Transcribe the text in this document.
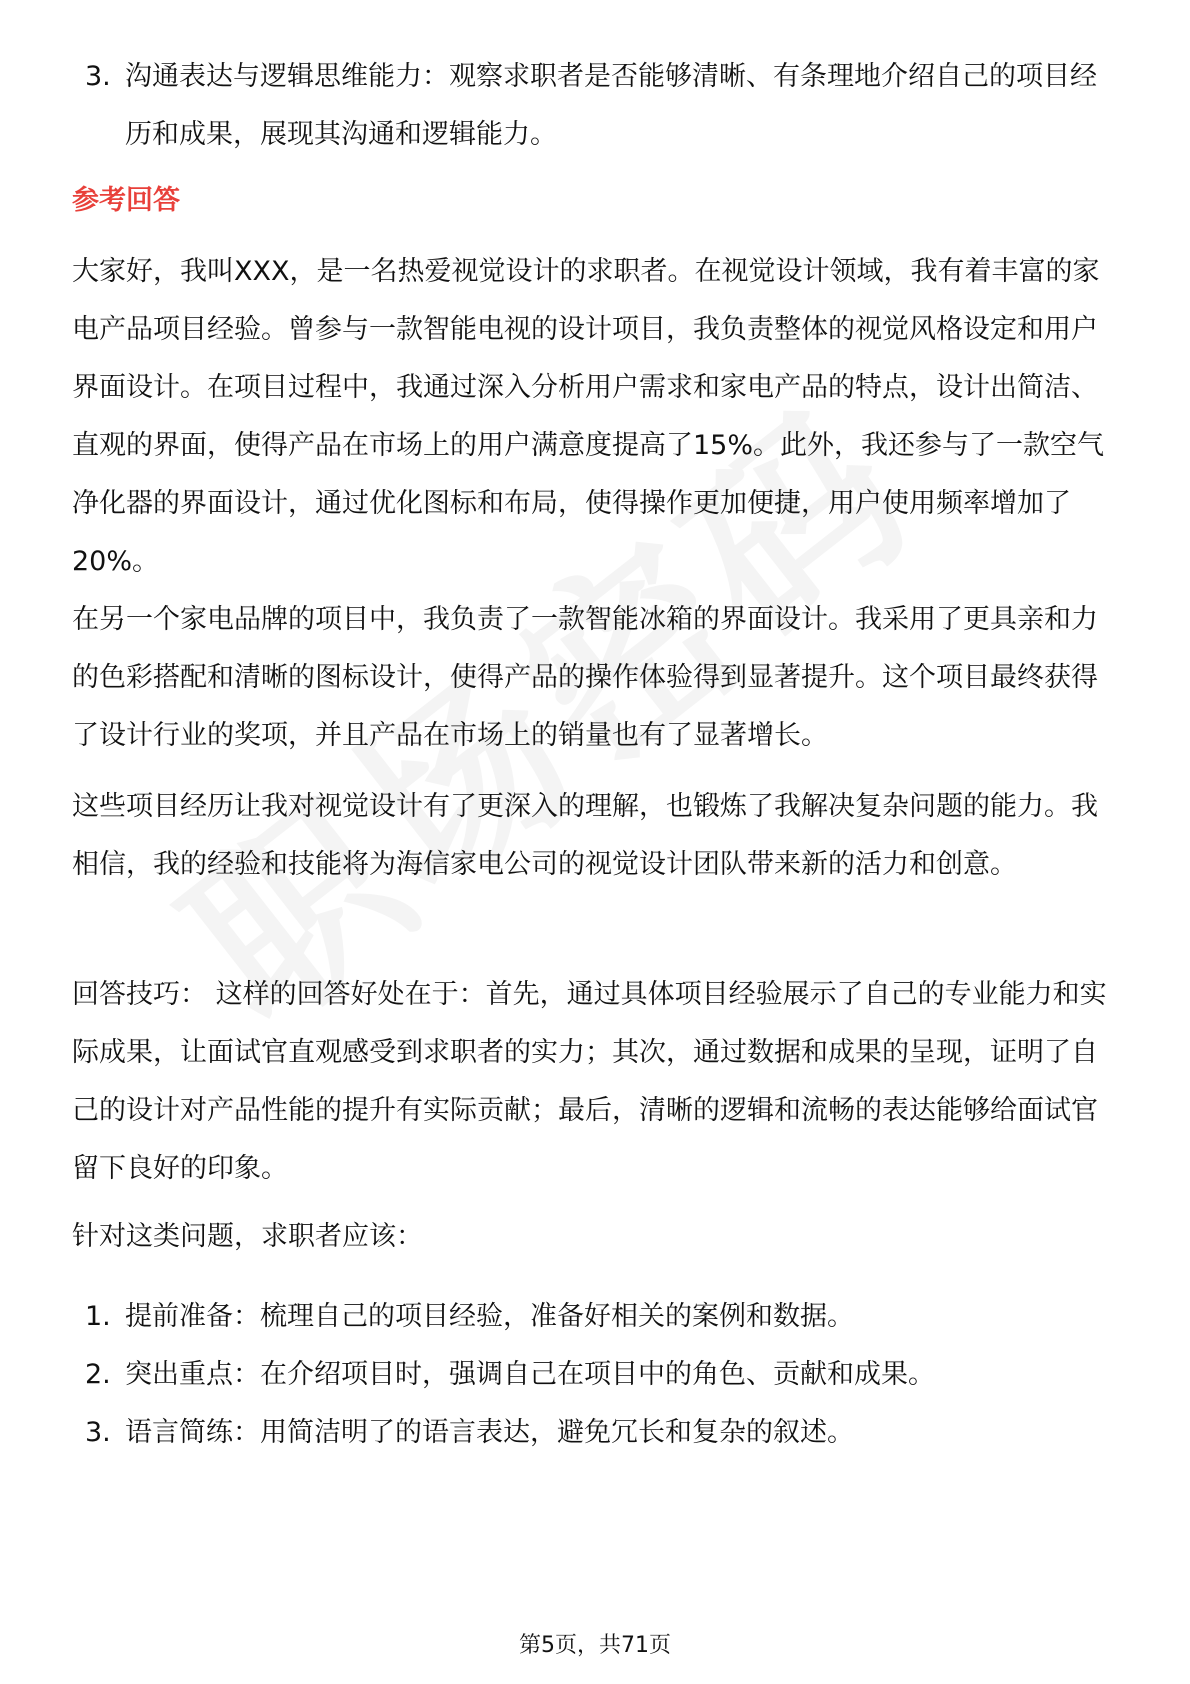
3. 沟通表达与逻辑思维能力：观察求职者是否能够清晰、有条理地介绍自己的项目经历和成果，展现其沟通和逻辑能力。
参考回答

大家好，我叫XXX，是一名热爱视觉设计的求职者。在视觉设计领域，我有着丰富的家电产品项目经验。曾参与一款智能电视的设计项目，我负责整体的视觉风格设定和用户界面设计。在项目过程中，我通过深入分析用户需求和家电产品的特点，设计出简洁、直观的界面，使得产品在市场上的用户满意度提高了15%。此外，我还参与了一款空气净化器的界面设计，通过优化图标和布局，使得操作更加便捷，用户使用频率增加了20%。

在另一个家电品牌的项目中，我负责了一款智能冰箱的界面设计。我采用了更具亲和力的色彩搭配和清晰的图标设计，使得产品的操作体验得到显著提升。这个项目最终获得了设计行业的奖项，并且产品在市场上的销量也有了显著增长。

这些项目经历让我对视觉设计有了更深入的理解，也锻炼了我解决复杂问题的能力。我相信，我的经验和技能将为海信家电公司的视觉设计团队带来新的活力和创意。

回答技巧： 这样的回答好处在于：首先，通过具体项目经验展示了自己的专业能力和实际成果，让面试官直观感受到求职者的实力；其次，通过数据和成果的呈现，证明了自己的设计对产品性能的提升有实际贡献；最后，清晰的逻辑和流畅的表达能够给面试官留下良好的印象。

针对这类问题，求职者应该：

1. 提前准备：梳理自己的项目经验，准备好相关的案例和数据。
2. 突出重点：在介绍项目时，强调自己在项目中的角色、贡献和成果。
3. 语言简练：用简洁明了的语言表达，避免冗长和复杂的叙述。
第5页，共71页
